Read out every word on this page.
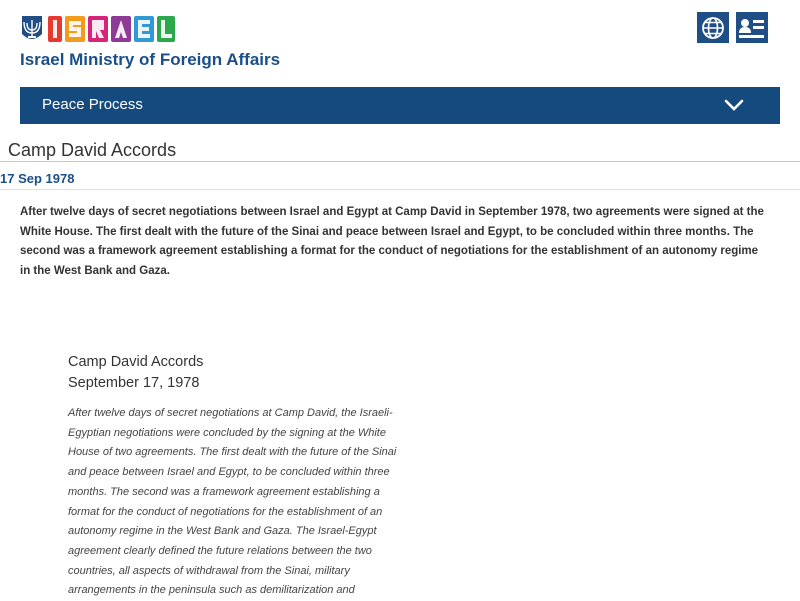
Israel Ministry of Foreign Affairs
Peace Process
Camp David Accords
17 Sep 1978

After twelve days of secret negotiations between Israel and Egypt at Camp David in September 1978, two agreements were signed at the White House. The first dealt with the future of the Sinai and peace between Israel and Egypt, to be concluded within three months. The second was a framework agreement establishing a format for the conduct of negotiations for the establishment of an autonomy regime in the West Bank and Gaza.

Camp David Accords

September 17, 1978

After twelve days of secret negotiations at Camp David, the Israeli-Egyptian negotiations were concluded by the signing at the White House of two agreements. The first dealt with the future of the Sinai and peace between Israel and Egypt, to be concluded within three months. The second was a framework agreement establishing a format for the conduct of negotiations for the establishment of an autonomy regime in the West Bank and Gaza. The Israel-Egypt agreement clearly defined the future relations between the two countries, all aspects of withdrawal from the Sinai, military arrangements in the peninsula such as demilitarization and
